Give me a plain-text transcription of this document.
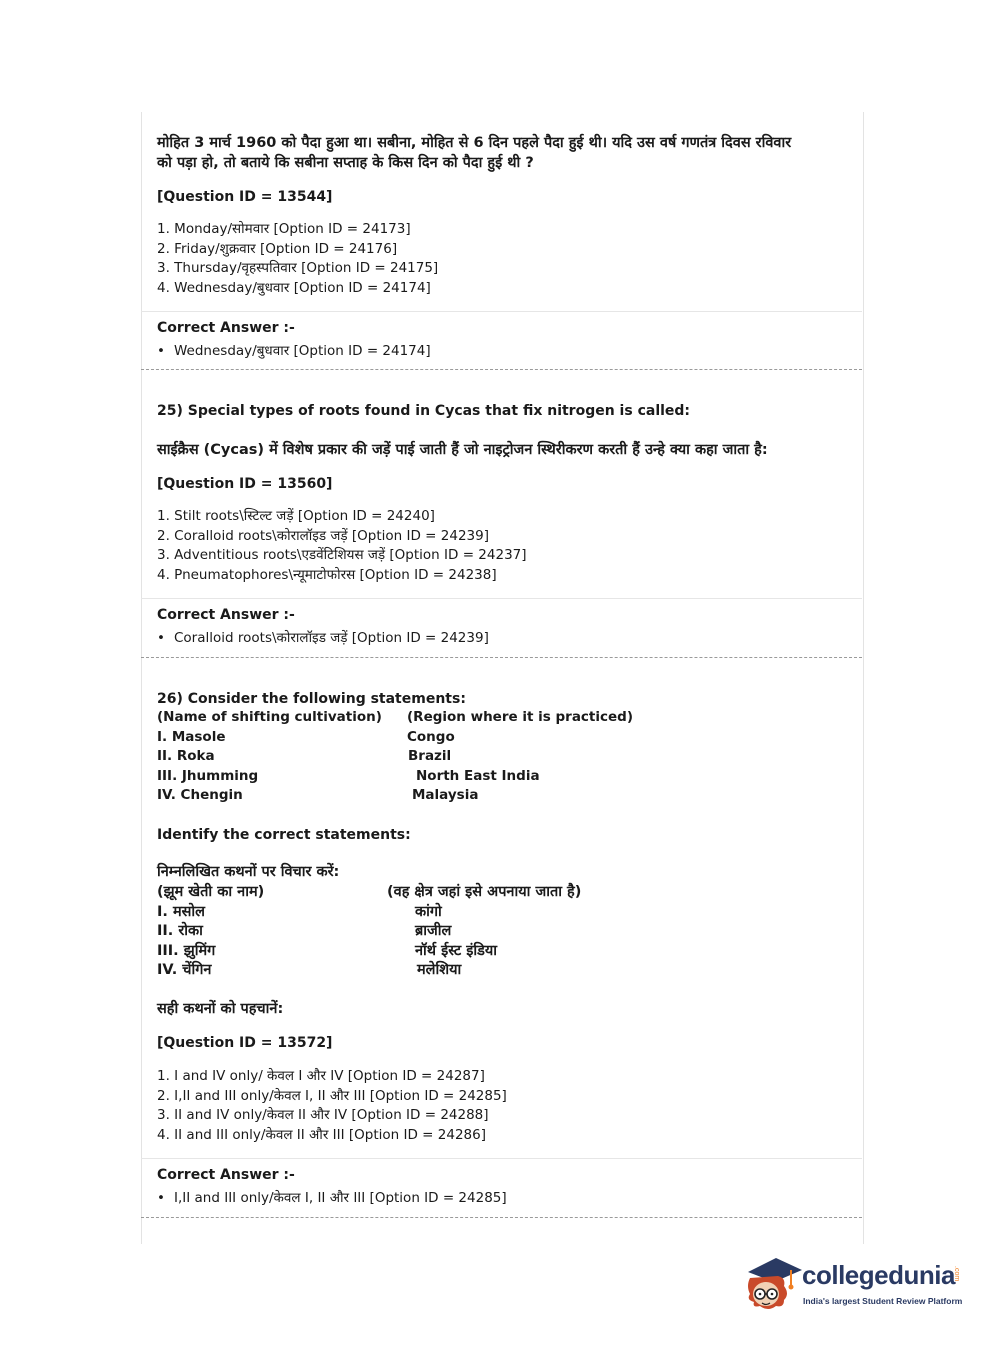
मोहित 3 मार्च 1960 को पैदा हुआ था। सबीना, मोहित से 6 दिन पहले पैदा हुई थी। यदि उस वर्ष गणतंत्र दिवस रविवार
को पड़ा हो, तो बताये कि सबीना सप्ताह के किस दिन को पैदा हुई थी ?
[Question ID = 13544]
1. Monday/सोमवार [Option ID = 24173]
2. Friday/शुक्रवार [Option ID = 24176]
3. Thursday/वृहस्पतिवार [Option ID = 24175]
4. Wednesday/बुधवार [Option ID = 24174]
Correct Answer :-
• Wednesday/बुधवार [Option ID = 24174]
25) Special types of roots found in Cycas that fix nitrogen is called:
साईक्रैस (Cycas) में विशेष प्रकार की जड़ें पाई जाती हैं जो नाइट्रोजन स्थिरीकरण करती हैं उन्हे क्या कहा जाता है:
[Question ID = 13560]
1. Stilt roots\स्टिल्ट जड़ें [Option ID = 24240]
2. Coralloid roots\कोरालॉइड जड़ें [Option ID = 24239]
3. Adventitious roots\एडवेंटिशियस जड़ें [Option ID = 24237]
4. Pneumatophores\न्यूमाटोफोरस [Option ID = 24238]
Correct Answer :-
• Coralloid roots\कोरालॉइड जड़ें [Option ID = 24239]
26) Consider the following statements:
(Name of shifting cultivation) (Region where it is practiced)
I. Masole	Congo
II. Roka	Brazil
III. Jhumming	North East India
IV. Chengin	Malaysia
Identify the correct statements:
निम्नलिखित कथनों पर विचार करें:
(झूम खेती का नाम)	(वह क्षेत्र जहां इसे अपनाया जाता है)
I. मसोल	कांगो
II. रोका	ब्राजील
III. झुमिंग	नॉर्थ ईस्ट इंडिया
IV. चेंगिन	मलेशिया
सही कथनों को पहचानें:
[Question ID = 13572]
1. I and IV only/ केवल I और IV [Option ID = 24287]
2. I,II and III only/केवल I, II और III [Option ID = 24285]
3. II and IV only/केवल II और IV [Option ID = 24288]
4. II and III only/केवल II और III [Option ID = 24286]
Correct Answer :-
• I,II and III only/केवल I, II और III [Option ID = 24285]
collegedunia
.com
India's largest Student Review Platform
